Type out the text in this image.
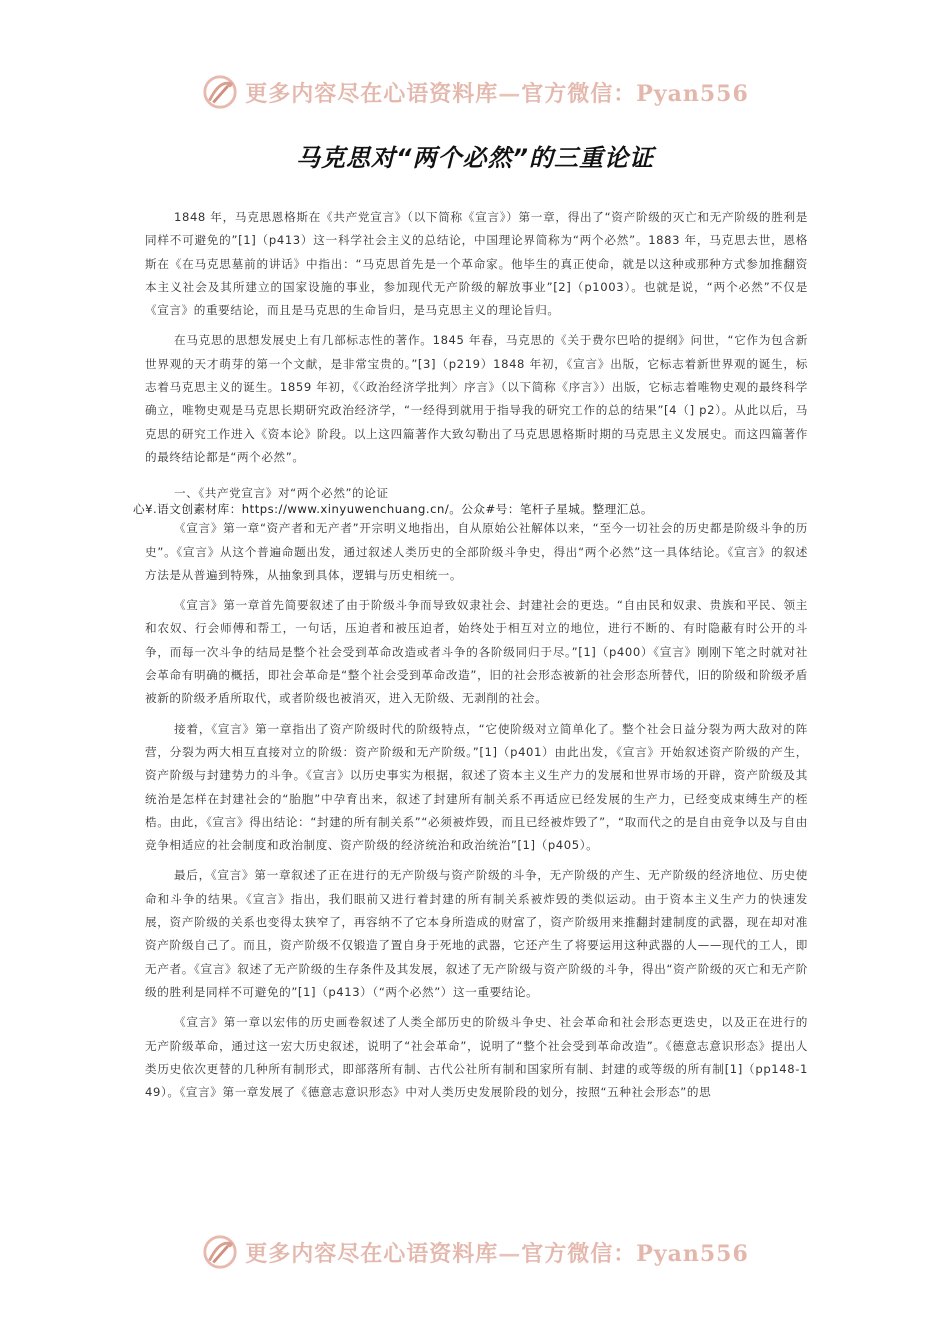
更多内容尽在心语资料库—官方微信：Pyan556
马克思对“两个必然”的三重论证

1848 年，马克思恩格斯在《共产党宣言》（以下简称《宣言》）第一章，得出了“资产阶级的灭亡和无产阶级的胜利是同样不可避免的”[1]（p413）这一科学社会主义的总结论，中国理论界简称为“两个必然”。1883 年，马克思去世，恩格斯在《在马克思墓前的讲话》中指出：“马克思首先是一个革命家。他毕生的真正使命，就是以这种或那种方式参加推翻资本主义社会及其所建立的国家设施的事业，参加现代无产阶级的解放事业”[2]（p1003）。也就是说，“两个必然”不仅是《宣言》的重要结论，而且是马克思的生命旨归，是马克思主义的理论旨归。

在马克思的思想发展史上有几部标志性的著作。1845 年春，马克思的《关于费尔巴哈的提纲》问世，“它作为包含新世界观的天才萌芽的第一个文献，是非常宝贵的。”[3]（p219）1848 年初，《宣言》出版，它标志着新世界观的诞生，标志着马克思主义的诞生。1859 年初，《〈政治经济学批判〉序言》（以下简称《序言》）出版，它标志着唯物史观的最终科学确立，唯物史观是马克思长期研究政治经济学，“一经得到就用于指导我的研究工作的总的结果”[4（] p2）。从此以后，马克思的研究工作进入《资本论》阶段。以上这四篇著作大致勾勒出了马克思恩格斯时期的马克思主义发展史。而这四篇著作的最终结论都是“两个必然”。

一、《共产党宣言》对“两个必然”的论证
心¥.语文创素材库：https://www.xinyuwenchuang.cn/。公众#号：笔杆子星城。整理汇总。

《宣言》第一章“资产者和无产者”开宗明义地指出，自从原始公社解体以来，“至今一切社会的历史都是阶级斗争的历史”。《宣言》从这个普遍命题出发，通过叙述人类历史的全部阶级斗争史，得出“两个必然”这一具体结论。《宣言》的叙述方法是从普遍到特殊，从抽象到具体，逻辑与历史相统一。

《宣言》第一章首先简要叙述了由于阶级斗争而导致奴隶社会、封建社会的更迭。“自由民和奴隶、贵族和平民、领主和农奴、行会师傅和帮工，一句话，压迫者和被压迫者，始终处于相互对立的地位，进行不断的、有时隐蔽有时公开的斗争，而每一次斗争的结局是整个社会受到革命改造或者斗争的各阶级同归于尽。”[1]（p400）《宣言》刚刚下笔之时就对社会革命有明确的概括，即社会革命是“整个社会受到革命改造”，旧的社会形态被新的社会形态所替代，旧的阶级和阶级矛盾被新的阶级矛盾所取代，或者阶级也被消灭，进入无阶级、无剥削的社会。

接着，《宣言》第一章指出了资产阶级时代的阶级特点，“它使阶级对立简单化了。整个社会日益分裂为两大敌对的阵营，分裂为两大相互直接对立的阶级：资产阶级和无产阶级。”[1]（p401）由此出发，《宣言》开始叙述资产阶级的产生，资产阶级与封建势力的斗争。《宣言》以历史事实为根据，叙述了资本主义生产力的发展和世界市场的开辟，资产阶级及其统治是怎样在封建社会的“胎胞”中孕育出来，叙述了封建所有制关系不再适应已经发展的生产力，已经变成束缚生产的桎梏。由此，《宣言》得出结论：“封建的所有制关系”“必须被炸毁，而且已经被炸毁了”，“取而代之的是自由竞争以及与自由竞争相适应的社会制度和政治制度、资产阶级的经济统治和政治统治”[1]（p405）。

最后，《宣言》第一章叙述了正在进行的无产阶级与资产阶级的斗争，无产阶级的产生、无产阶级的经济地位、历史使命和斗争的结果。《宣言》指出，我们眼前又进行着封建的所有制关系被炸毁的类似运动。由于资本主义生产力的快速发展，资产阶级的关系也变得太狭窄了，再容纳不了它本身所造成的财富了，资产阶级用来推翻封建制度的武器，现在却对准资产阶级自己了。而且，资产阶级不仅锻造了置自身于死地的武器，它还产生了将要运用这种武器的人——现代的工人，即无产者。《宣言》叙述了无产阶级的生存条件及其发展，叙述了无产阶级与资产阶级的斗争，得出“资产阶级的灭亡和无产阶级的胜利是同样不可避免的”[1]（p413）（“两个必然”）这一重要结论。

《宣言》第一章以宏伟的历史画卷叙述了人类全部历史的阶级斗争史、社会革命和社会形态更迭史，以及正在进行的无产阶级革命，通过这一宏大历史叙述，说明了“社会革命”，说明了“整个社会受到革命改造”。《德意志意识形态》提出人类历史依次更替的几种所有制形式，即部落所有制、古代公社所有制和国家所有制、封建的或等级的所有制[1]（pp148-149）。《宣言》第一章发展了《德意志意识形态》中对人类历史发展阶段的划分，按照“五种社会形态”的思

更多内容尽在心语资料库—官方微信：Pyan556
